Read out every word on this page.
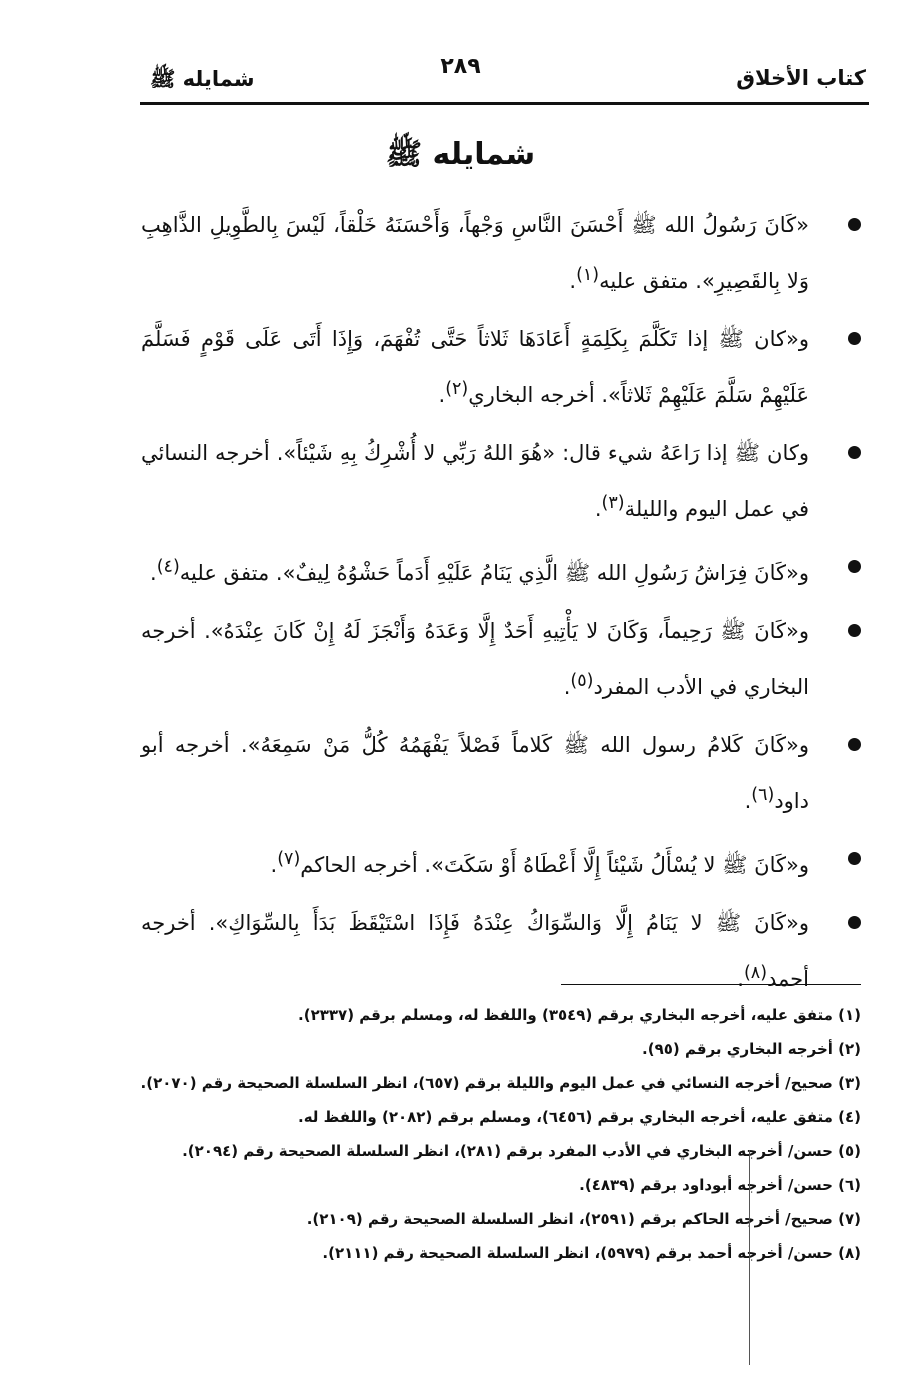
كتاب الأخلاق
٢٨٩
شمايله ﷺ
شمايله ﷺ
«كَانَ رَسُولُ الله ﷺ أَحْسَنَ النَّاسِ وَجْهاً، وَأَحْسَنَهُ خَلْقاً، لَيْسَ بِالطَّوِيلِ الذَّاهِبِ وَلا بِالقَصِيرِ». متفق عليه$^{(١)}$.
و«كان ﷺ إذا تَكَلَّمَ بِكَلِمَةٍ أَعَادَهَا ثَلاثاً حَتَّى تُفْهَمَ، وَإِذَا أَتَى عَلَى قَوْمٍ فَسَلَّمَ عَلَيْهِمْ سَلَّمَ عَلَيْهِمْ ثَلاثاً». أخرجه البخاري$^{(٢)}$.
وكان ﷺ إذا رَاعَهُ شيء قال: «هُوَ اللهُ رَبِّي لا أُشْرِكُ بِهِ شَيْئاً». أخرجه النسائي في عمل اليوم والليلة$^{(٣)}$.
و«كَانَ فِرَاشُ رَسُولِ الله ﷺ الَّذِي يَنَامُ عَلَيْهِ أَدَماً حَشْوُهُ لِيفٌ». متفق عليه$^{(٤)}$.
و«كَانَ ﷺ رَحِيماً، وَكَانَ لا يَأْتِيهِ أَحَدٌ إِلَّا وَعَدَهُ وَأَنْجَزَ لَهُ إِنْ كَانَ عِنْدَهُ». أخرجه البخاري في الأدب المفرد$^{(٥)}$.
و«كَانَ كَلامُ رسول الله ﷺ كَلاماً فَصْلاً يَفْهَمُهُ كُلُّ مَنْ سَمِعَهُ». أخرجه أبو داود$^{(٦)}$.
و«كَانَ ﷺ لا يُسْأَلُ شَيْئاً إِلَّا أَعْطَاهُ أَوْ سَكَتَ». أخرجه الحاكم$^{(٧)}$.
و«كَانَ ﷺ لا يَنَامُ إِلَّا وَالسِّوَاكُ عِنْدَهُ فَإِذَا اسْتَيْقَظَ بَدَأَ بِالسِّوَاكِ». أخرجه أحمد$^{(٨)}$.
(١) متفق عليه، أخرجه البخاري برقم (٣٥٤٩) واللفظ له، ومسلم برقم (٢٣٣٧).
(٢) أخرجه البخاري برقم (٩٥).
(٣) صحيح/ أخرجه النسائي في عمل اليوم والليلة برقم (٦٥٧)، انظر السلسلة الصحيحة رقم (٢٠٧٠).
(٤) متفق عليه، أخرجه البخاري برقم (٦٤٥٦)، ومسلم برقم (٢٠٨٢) واللفظ له.
(٥) حسن/ أخرجه البخاري في الأدب المفرد برقم (٢٨١)، انظر السلسلة الصحيحة رقم (٢٠٩٤).
(٦) حسن/ أخرجه أبوداود برقم (٤٨٣٩).
(٧) صحيح/ أخرجه الحاكم برقم (٢٥٩١)، انظر السلسلة الصحيحة رقم (٢١٠٩).
(٨) حسن/ أخرجه أحمد برقم (٥٩٧٩)، انظر السلسلة الصحيحة رقم (٢١١١).
